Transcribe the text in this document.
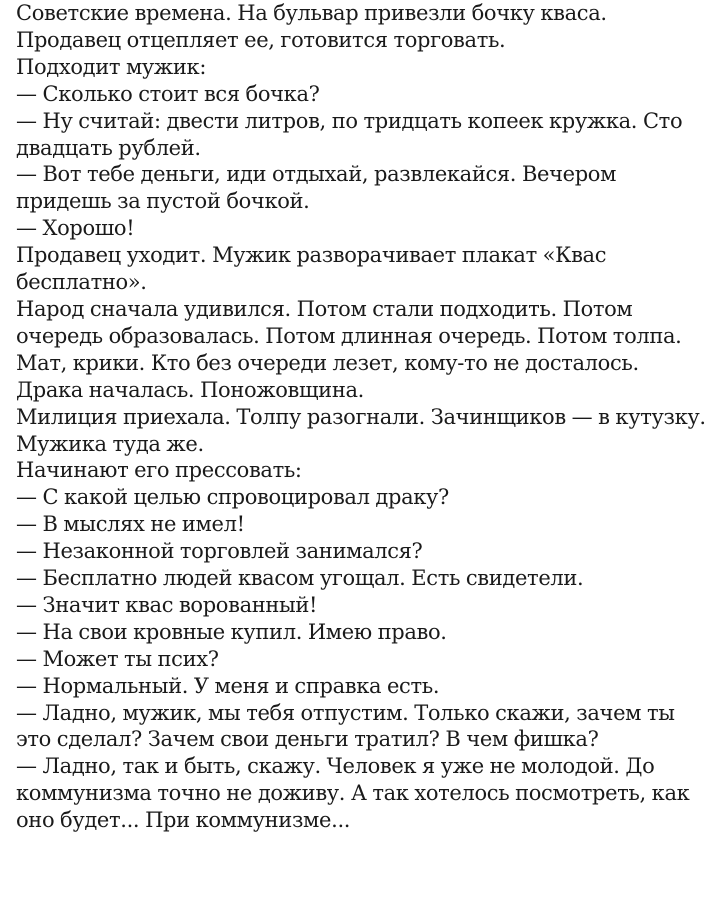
Советские времена. На бульвар привезли бочку кваса.

Продавец отцепляет ее, готовится торговать.

Подходит мужик:

— Сколько стоит вся бочка?

— Ну считай: двести литров, по тридцать копеек кружка. Сто двадцать рублей.

— Вот тебе деньги, иди отдыхай, развлекайся. Вечером придешь за пустой бочкой.

— Хорошо!

Продавец уходит. Мужик разворачивает плакат «Квас бесплатно».

Народ сначала удивился. Потом стали подходить. Потом очередь образовалась. Потом длинная очередь. Потом толпа. Мат, крики. Кто без очереди лезет, кому-то не досталось. Драка началась. Поножовщина.

Милиция приехала. Толпу разогнали. Зачинщиков — в кутузку. Мужика туда же.

Начинают его прессовать:

— С какой целью спровоцировал драку?

— В мыслях не имел!

— Незаконной торговлей занимался?

— Бесплатно людей квасом угощал. Есть свидетели.

— Значит квас ворованный!

— На свои кровные купил. Имею право.

— Может ты псих?

— Нормальный. У меня и справка есть.

— Ладно, мужик, мы тебя отпустим. Только скажи, зачем ты это сделал? Зачем свои деньги тратил? В чем фишка?

— Ладно, так и быть, скажу. Человек я уже не молодой. До коммунизма точно не доживу. А так хотелось посмотреть, как оно будет... При коммунизме...
